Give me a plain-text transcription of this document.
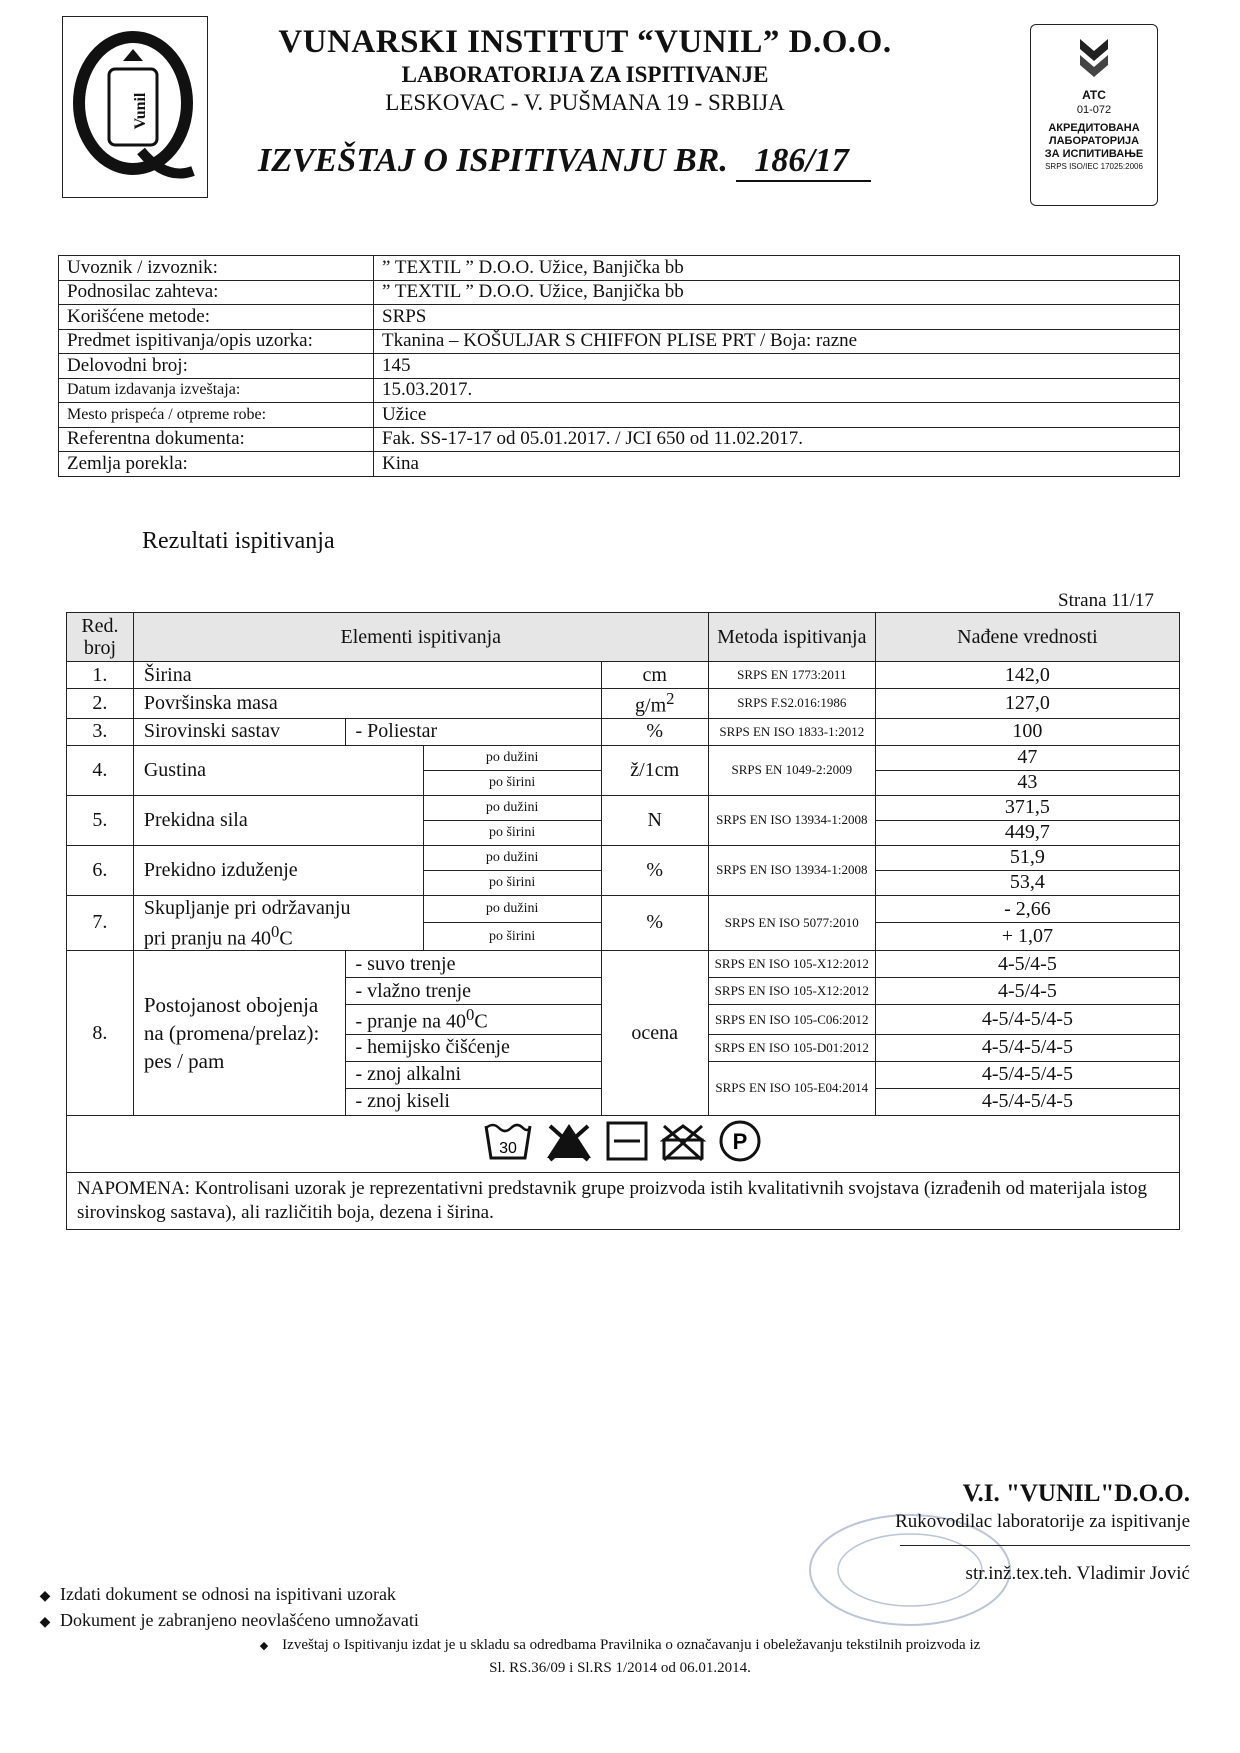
Vunil
VUNARSKI INSTITUT “VUNIL” D.O.O.
LABORATORIJA ZA ISPITIVANJE
LESKOVAC - V. PUŠMANA 19 - SRBIJA
IZVEŠTAJ O ISPITIVANJU BR. 186/17
ATC
01-072
АКРЕДИТОВАНА
ЛАБОРАТОРИЈА
ЗА ИСПИТИВАЊЕ
SRPS ISO/IEC 17025:2006
Uvoznik / izvoznik:	” TEXTIL ” D.O.O. Užice, Banjička bb
Podnosilac zahteva:	” TEXTIL ” D.O.O. Užice, Banjička bb
Korišćene metode:	SRPS
Predmet ispitivanja/opis uzorka:	Tkanina – KOŠULJAR S CHIFFON PLISE PRT / Boja: razne
Delovodni broj:	145
Datum izdavanja izveštaja:	15.03.2017.
Mesto prispeća / otpreme robe:	Užice
Referentna dokumenta:	Fak. SS-17-17 od 05.01.2017. / JCI 650 od 11.02.2017.
Zemlja porekla:	Kina
Rezultati ispitivanja
Strana 11/17
Red. broj	Elementi ispitivanja				Metoda ispitivanja	Nađene vrednosti
1.	Širina			cm	SRPS EN 1773:2011	142,0
2.	Površinska masa			$g/m^2$	SRPS F.S2.016:1986	127,0
3.	Sirovinski sastav	- Poliestar		%	SRPS EN ISO 1833-1:2012	100
4.	Gustina		po dužini	ž/1cm	SRPS EN 1049-2:2009	47
			po širini			43
5.	Prekidna sila		po dužini	N	SRPS EN ISO 13934-1:2008	371,5
			po širini			449,7
6.	Prekidno izduženje		po dužini	%	SRPS EN ISO 13934-1:2008	51,9
			po širini			53,4
7.	Skupljanje pri održavanju
pri pranju na $40^0C$		po dužini	%	SRPS EN ISO 5077:2010	- 2,66
			po širini			+ 1,07
8.	Postojanost obojenja na (promena/prelaz): pes / pam	- suvo trenje		ocena	SRPS EN ISO 105-X12:2012	4-5/4-5
		- vlažno trenje			SRPS EN ISO 105-X12:2012	4-5/4-5
		- pranje na $40^0C$			SRPS EN ISO 105-C06:2012	4-5/4-5/4-5
		- hemijsko čišćenje			SRPS EN ISO 105-D01:2012	4-5/4-5/4-5
		- znoj alkalni			SRPS EN ISO 105-E04:2014	4-5/4-5/4-5
		- znoj kiseli				4-5/4-5/4-5

30
P						

NAPOMENA: Kontrolisani uzorak je reprezentativni predstavnik grupe proizvoda istih kvalitativnih svojstava (izrađenih od materijala istog sirovinskog sastava), ali različitih boja, dezena i širina.						
V.I. "VUNIL"D.O.O.
Rukovodilac laboratorije za ispitivanje
str.inž.tex.teh. Vladimir Jović
◆ Izdati dokument se odnosi na ispitivani uzorak
◆ Dokument je zabranjeno neovlašćeno umnožavati
◆ Izveštaj o Ispitivanju izdat je u skladu sa odredbama Pravilnika o označavanju i obeležavanju tekstilnih proizvoda iz
Sl. RS.36/09 i Sl.RS 1/2014 od 06.01.2014.
